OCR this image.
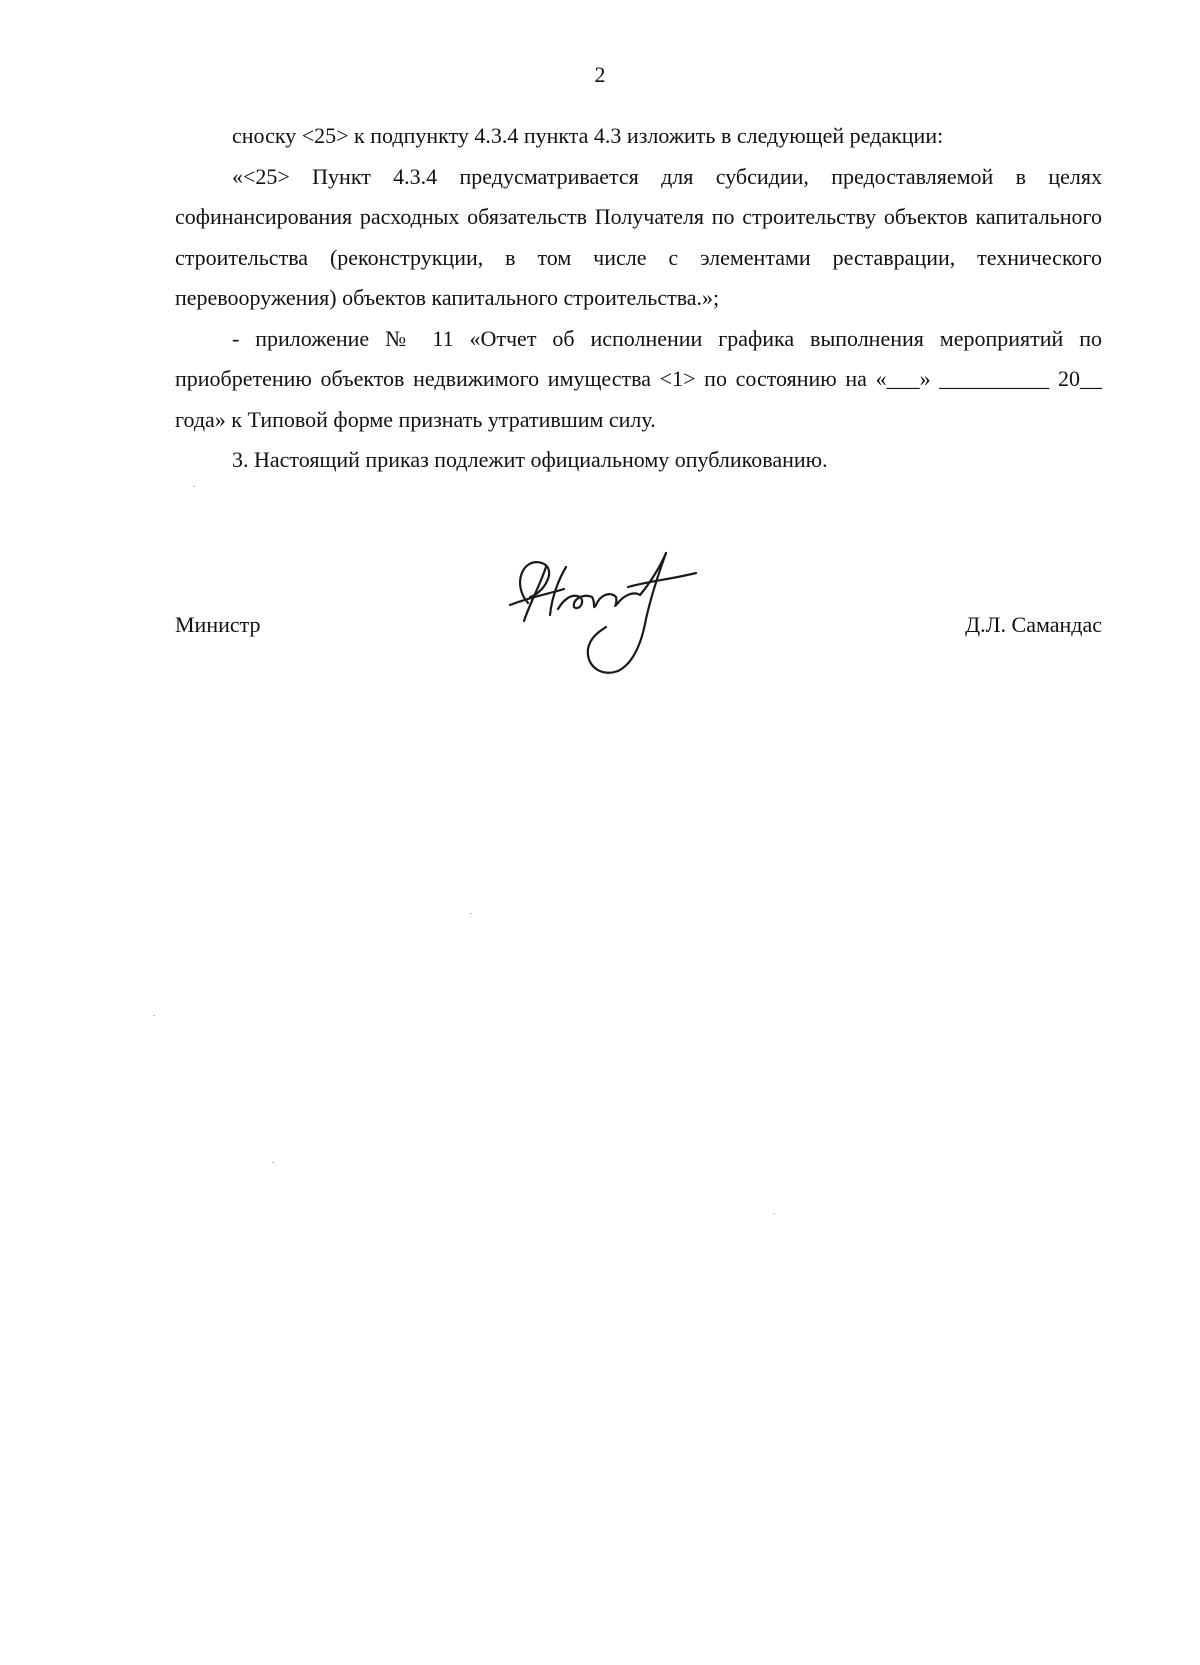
2

сноску <25> к подпункту 4.3.4 пункта 4.3 изложить в следующей редакции:

«<25> Пункт 4.3.4 предусматривается для субсидии, предоставляемой в целях софинансирования расходных обязательств Получателя по строительству объектов капитального строительства (реконструкции, в том числе с элементами реставрации, технического перевооружения) объектов капитального строительства.»;

- приложение № 11 «Отчет об исполнении графика выполнения мероприятий по приобретению объектов недвижимого имущества <1> по состоянию на «___» __________ 20__ года» к Типовой форме признать утратившим силу.

3. Настоящий приказ подлежит официальному опубликованию.

Министр	Д.Л. Самандас
